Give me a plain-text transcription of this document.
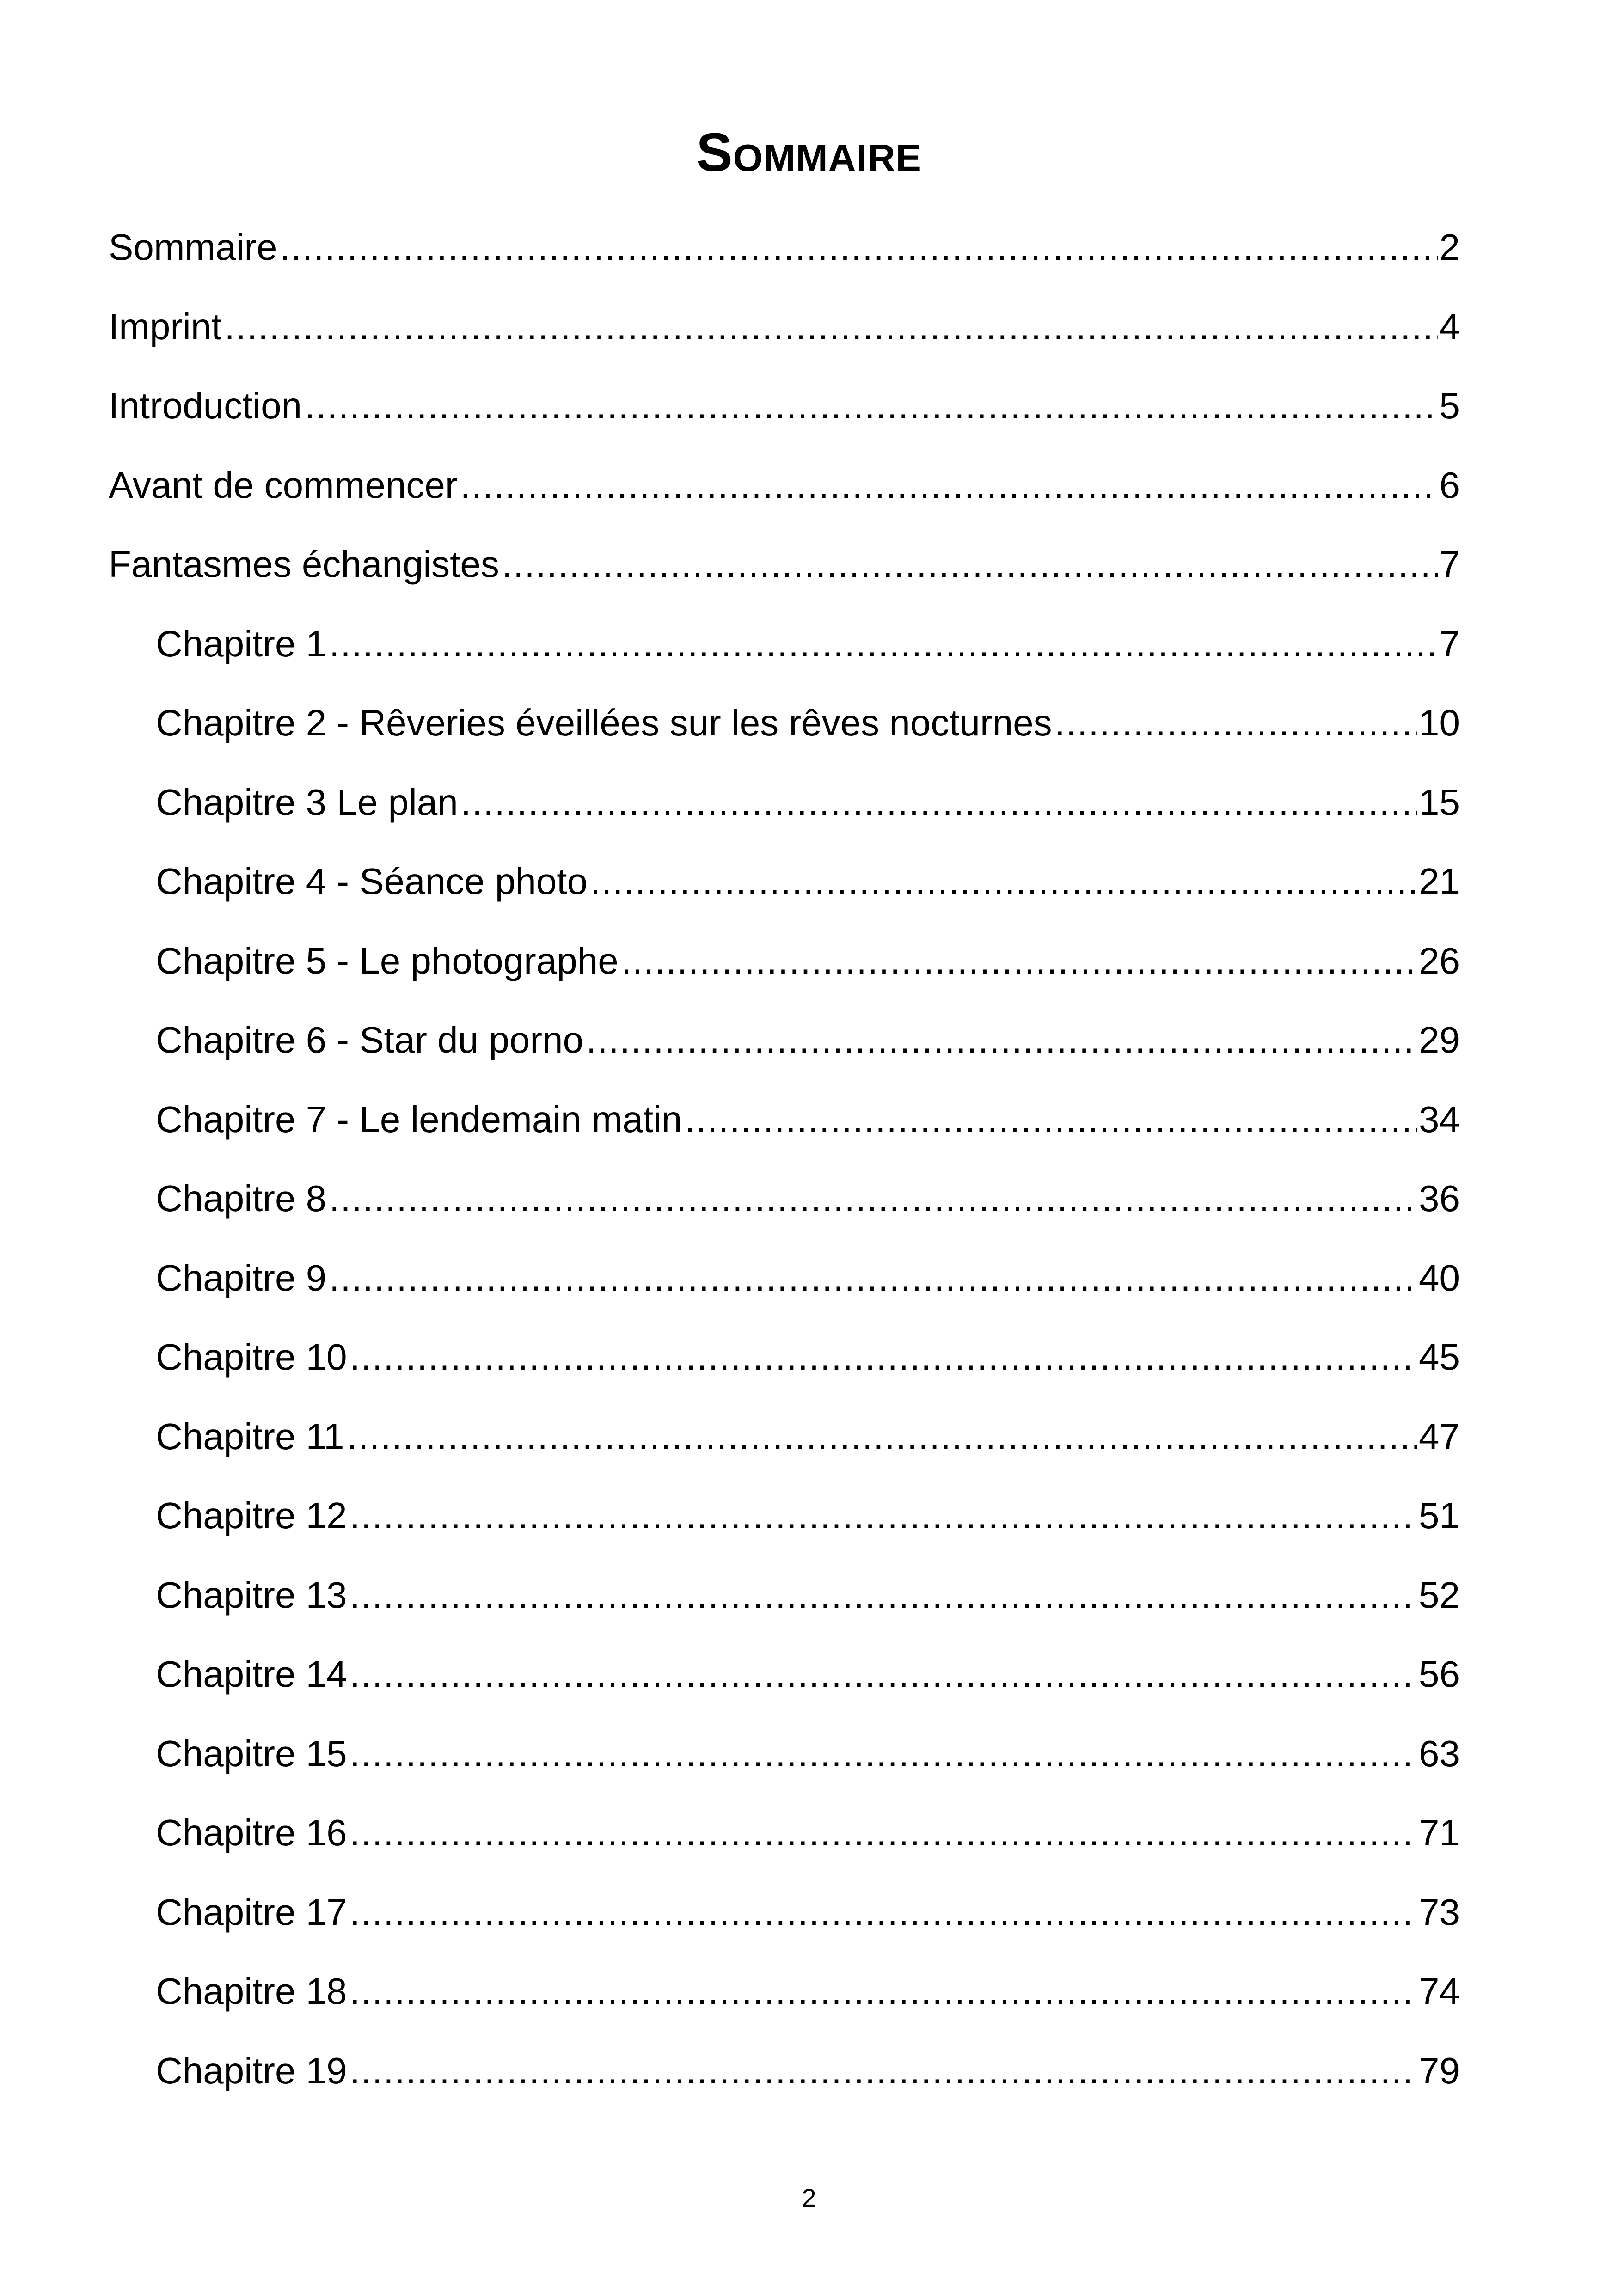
Sommaire
Sommaire .....	2
Imprint .....	4
Introduction .....	5
Avant de commencer .....	6
Fantasmes échangistes .....	7
Chapitre 1 .....	7
Chapitre 2 - Rêveries éveillées sur les rêves nocturnes .....	10
Chapitre 3 Le plan .....	15
Chapitre 4 - Séance photo .....	21
Chapitre 5 - Le photographe .....	26
Chapitre 6 - Star du porno .....	29
Chapitre 7 - Le lendemain matin .....	34
Chapitre 8 .....	36
Chapitre 9 .....	40
Chapitre 10 .....	45
Chapitre 11 .....	47
Chapitre 12 .....	51
Chapitre 13 .....	52
Chapitre 14 .....	56
Chapitre 15 .....	63
Chapitre 16 .....	71
Chapitre 17 .....	73
Chapitre 18 .....	74
Chapitre 19 .....	79
2
